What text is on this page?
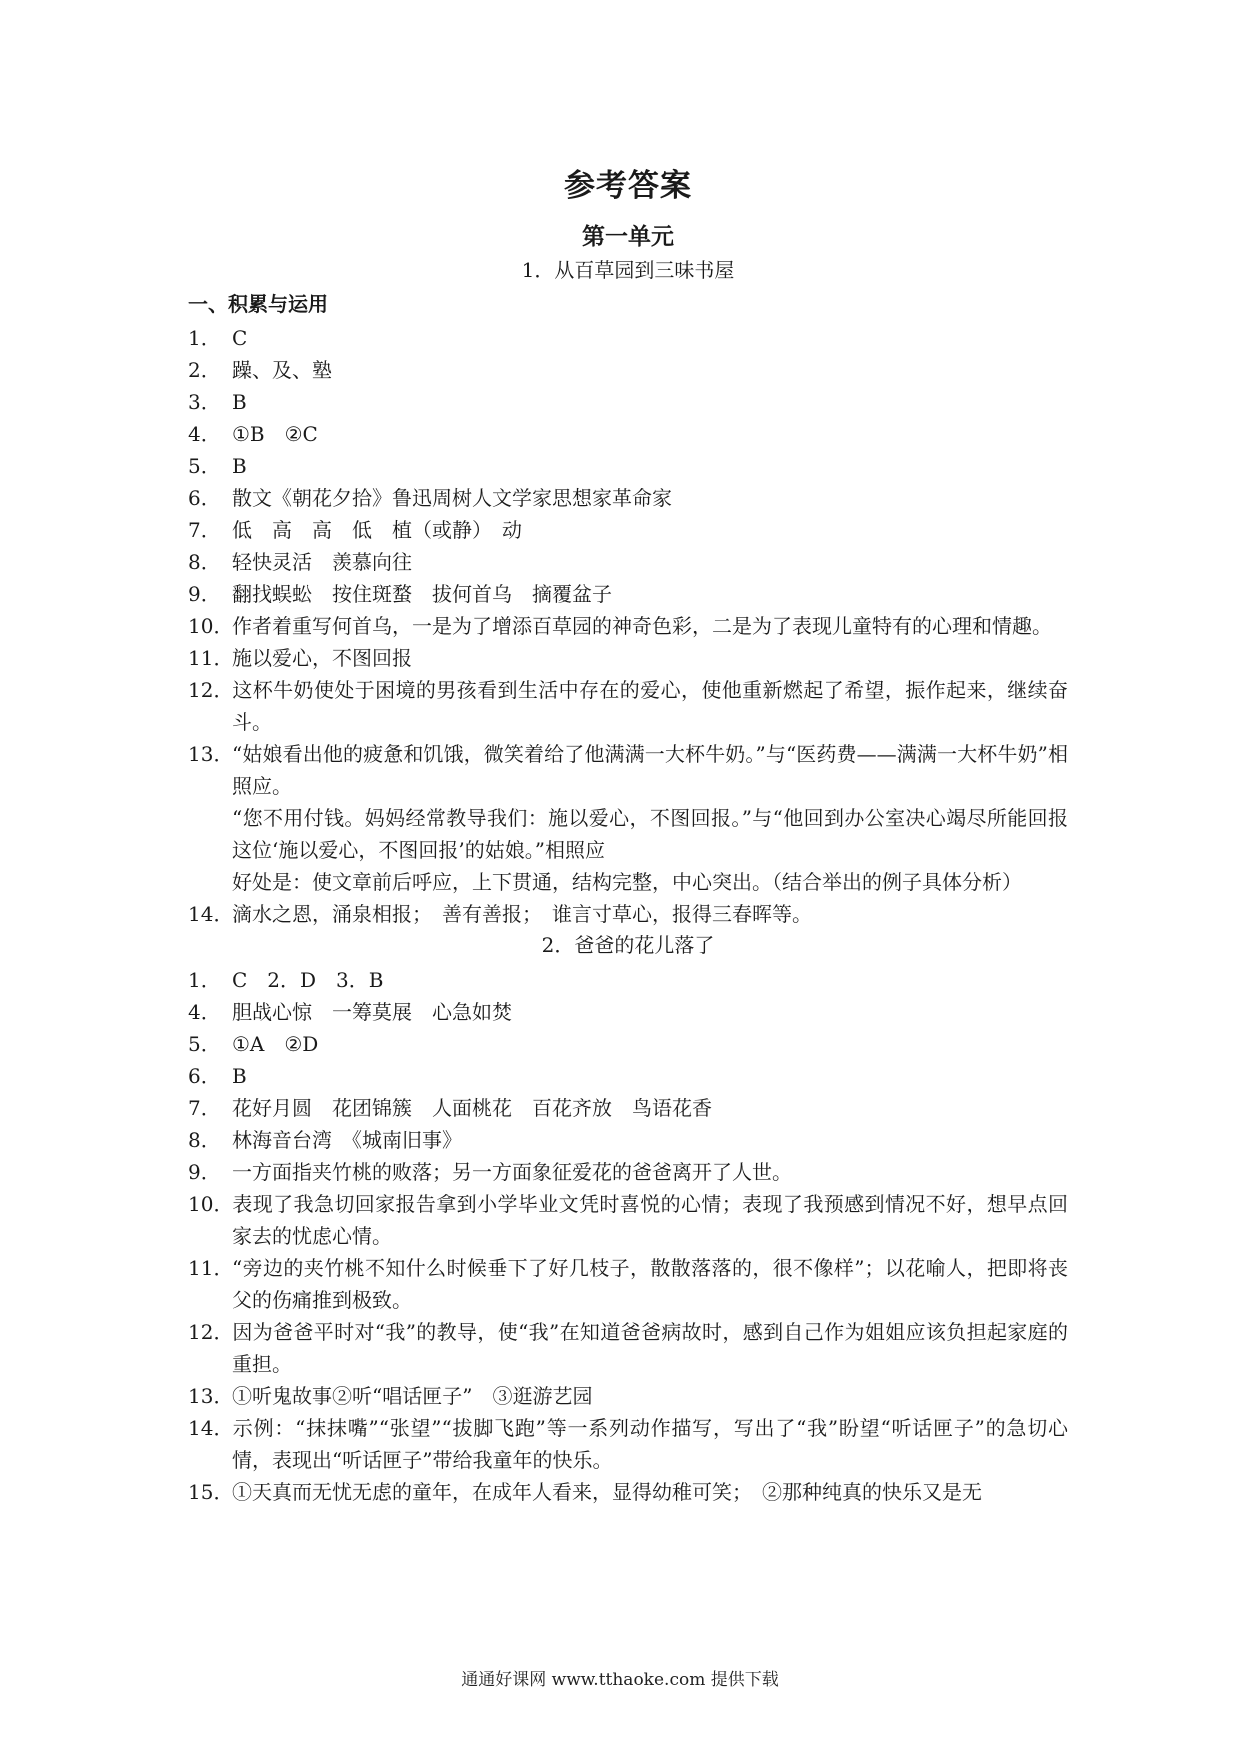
参考答案
第一单元
1．从百草园到三味书屋
一、积累与运用
1． C
2． 躁、及、塾
3． B
4． ①B　②C
5． B
6． 散文《朝花夕拾》鲁迅周树人文学家思想家革命家
7． 低　高　高　低　植（或静）　动
8． 轻快灵活　羡慕向往
9． 翻找蜈蚣　按住斑蝥　拔何首乌　摘覆盆子
10．作者着重写何首乌，一是为了增添百草园的神奇色彩，二是为了表现儿童特有的心理和情趣。
11．施以爱心，不图回报
12．这杯牛奶使处于困境的男孩看到生活中存在的爱心，使他重新燃起了希望，振作起来，继续奋斗。
13．“姑娘看出他的疲惫和饥饿，微笑着给了他满满一大杯牛奶。”与“医药费——满满一大杯牛奶”相照应。
“您不用付钱。妈妈经常教导我们：施以爱心，不图回报。”与“他回到办公室决心竭尽所能回报这位‘施以爱心，不图回报’的姑娘。”相照应
好处是：使文章前后呼应，上下贯通，结构完整，中心突出。（结合举出的例子具体分析）
14．滴水之恩，涌泉相报；　善有善报；　谁言寸草心，报得三春晖等。
2．爸爸的花儿落了
1． C　2．D　3．B
4． 胆战心惊　一筹莫展　心急如焚
5． ①A　②D
6． B
7． 花好月圆　花团锦簇　人面桃花　百花齐放　鸟语花香
8． 林海音台湾　《城南旧事》
9． 一方面指夹竹桃的败落；另一方面象征爱花的爸爸离开了人世。
10．表现了我急切回家报告拿到小学毕业文凭时喜悦的心情；表现了我预感到情况不好，想早点回家去的忧虑心情。
11．“旁边的夹竹桃不知什么时候垂下了好几枝子，散散落落的，很不像样”；以花喻人，把即将丧父的伤痛推到极致。
12．因为爸爸平时对“我”的教导，使“我”在知道爸爸病故时，感到自己作为姐姐应该负担起家庭的重担。
13．①听鬼故事②听“唱话匣子”　③逛游艺园
14．示例：“抹抹嘴”“张望”“拔脚飞跑”等一系列动作描写，写出了“我”盼望“听话匣子”的急切心情，表现出“听话匣子”带给我童年的快乐。
15．①天真而无忧无虑的童年，在成年人看来，显得幼稚可笑；　②那种纯真的快乐又是无
通通好课网 www.tthaoke.com 提供下载
